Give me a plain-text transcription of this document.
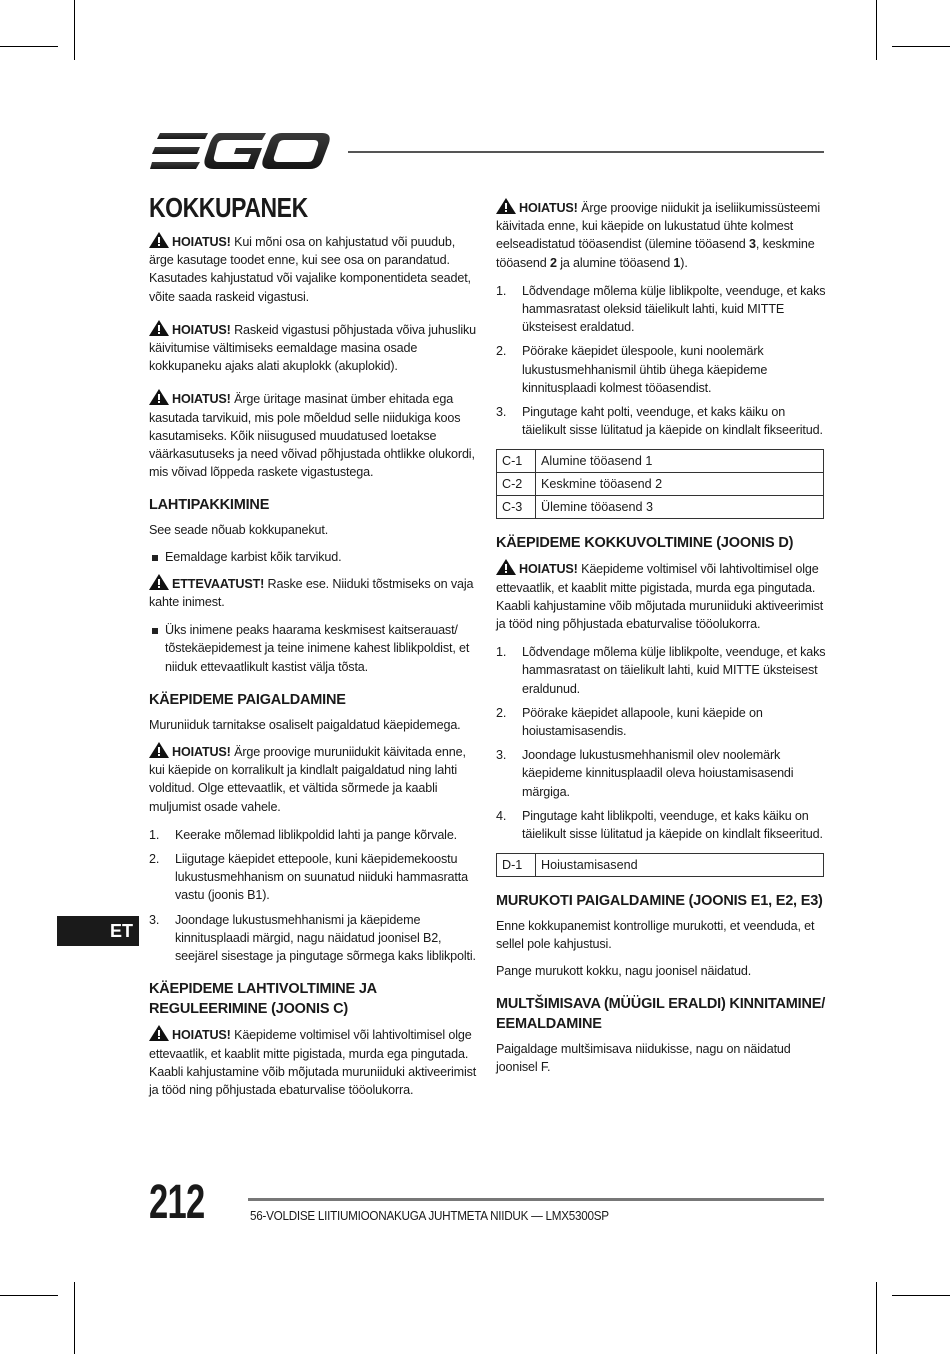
KOKKUPANEK
HOIATUS! Kui mõni osa on kahjustatud või puudub, ärge kasutage toodet enne, kui see osa on parandatud. Kasutades kahjustatud või vajalike komponentideta seadet, võite saada raskeid vigastusi.
HOIATUS! Raskeid vigastusi põhjustada võiva juhusliku käivitumise vältimiseks eemaldage masina osade kokkupaneku ajaks alati akuplokk (akuplokid).
HOIATUS! Ärge üritage masinat ümber ehitada ega kasutada tarvikuid, mis pole mõeldud selle niidukiga koos kasutamiseks. Kõik niisugused muudatused loetakse väärkasutuseks ja need võivad põhjustada ohtlikke olukordi, mis võivad lõppeda raskete vigastustega.
LAHTIPAKKIMINE

See seade nõuab kokkupanekut.

Eemaldage karbist kõik tarvikud.
ETTEVAATUST! Raske ese. Niiduki tõstmiseks on vaja kahte inimest.
Üks inimene peaks haarama keskmisest kaitserauast/ tõstekäepidemest ja teine inimene kahest liblikpoldist, et niiduk ettevaatlikult kastist välja tõsta.
KÄEPIDEME PAIGALDAMINE

Muruniiduk tarnitakse osaliselt paigaldatud käepidemega.

HOIATUS! Ärge proovige muruniidukit käivitada enne, kui käepide on korralikult ja kindlalt paigaldatud ning lahti volditud. Olge ettevaatlik, et vältida sõrmede ja kaabli muljumist osade vahele.
1. Keerake mõlemad liblikpoldid lahti ja pange kõrvale.
2. Liigutage käepidet ettepoole, kuni käepidemekoostu lukustusmehhanism on suunatud niiduki hammasratta vastu (joonis B1).
3. Joondage lukustusmehhanismi ja käepideme kinnitusplaadi märgid, nagu näidatud joonisel B2, seejärel sisestage ja pingutage sõrmega kaks liblikpolti.
KÄEPIDEME LAHTIVOLTIMINE JA REGULEERIMINE (JOONIS C)
HOIATUS! Käepideme voltimisel või lahtivoltimisel olge ettevaatlik, et kaablit mitte pigistada, murda ega pingutada. Kaabli kahjustamine võib mõjutada muruniiduki aktiveerimist ja tööd ning põhjustada ebaturvalise tööolukorra.
ET
HOIATUS! Ärge proovige niidukit ja iseliikumissüsteemi käivitada enne, kui käepide on lukustatud ühte kolmest eelseadistatud tööasendist (ülemine tööasend 3, keskmine tööasend 2 ja alumine tööasend 1).
1. Lõdvendage mõlema külje liblikpolte, veenduge, et kaks hammasratast oleksid täielikult lahti, kuid MITTE üksteisest eraldatud.
2. Pöörake käepidet ülespoole, kuni noolemärk lukustusmehhanismil ühtib ühega käepideme kinnitusplaadi kolmest tööasendist.
3. Pingutage kaht polti, veenduge, et kaks käiku on täielikult sisse lülitatud ja käepide on kindlalt fikseeritud.
C-1	Alumine tööasend 1
C-2	Keskmine tööasend 2
C-3	Ülemine tööasend 3
KÄEPIDEME KOKKUVOLTIMINE (JOONIS D)
HOIATUS! Käepideme voltimisel või lahtivoltimisel olge ettevaatlik, et kaablit mitte pigistada, murda ega pingutada. Kaabli kahjustamine võib mõjutada muruniiduki aktiveerimist ja tööd ning põhjustada ebaturvalise tööolukorra.
1. Lõdvendage mõlema külje liblikpolte, veenduge, et kaks hammasratast on täielikult lahti, kuid MITTE üksteisest eraldunud.
2. Pöörake käepidet allapoole, kuni käepide on hoiustamisasendis.
3. Joondage lukustusmehhanismil olev noolemärk käepideme kinnitusplaadil oleva hoiustamisasendi märgiga.
4. Pingutage kaht liblikpolti, veenduge, et kaks käiku on täielikult sisse lülitatud ja käepide on kindlalt fikseeritud.
D-1	Hoiustamisasend
MURUKOTI PAIGALDAMINE (JOONIS E1, E2, E3)

Enne kokkupanemist kontrollige murukotti, et veenduda, et sellel pole kahjustusi.

Pange murukott kokku, nagu joonisel näidatud.

MULTŠIMISAVA (MÜÜGIL ERALDI) KINNITAMINE/ EEMALDAMINE

Paigaldage multšimisava niidukisse, nagu on näidatud joonisel F.

212	56-VOLDISE LIITIUMIOONAKUGA JUHTMETA NIIDUK — LMX5300SP
